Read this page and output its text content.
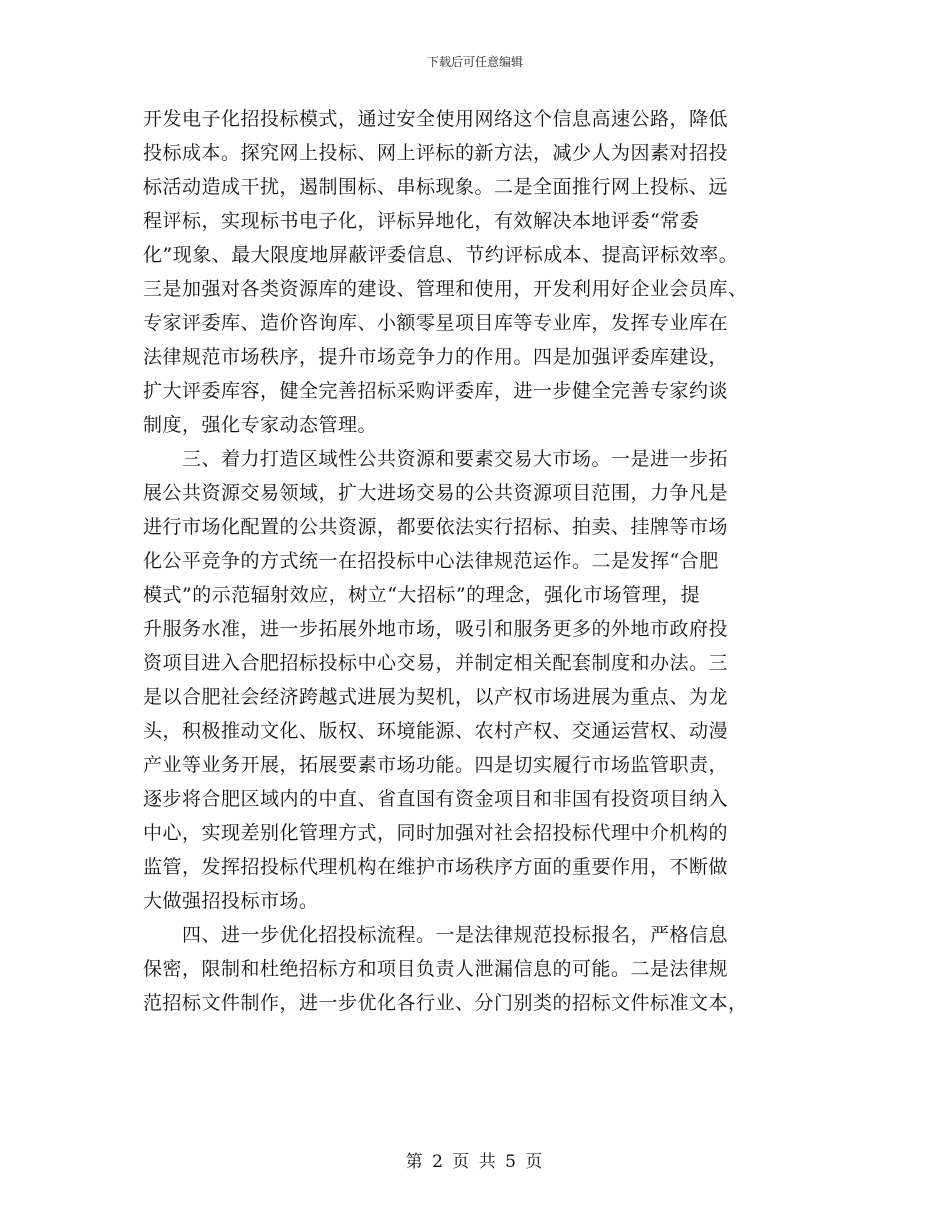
下载后可任意编辑
开发电子化招投标模式，通过安全使用网络这个信息高速公路，降低
投标成本。探究网上投标、网上评标的新方法，减少人为因素对招投
标活动造成干扰，遏制围标、串标现象。二是全面推行网上投标、远
程评标，实现标书电子化，评标异地化，有效解决本地评委“常委
化”现象、最大限度地屏蔽评委信息、节约评标成本、提高评标效率。
三是加强对各类资源库的建设、管理和使用，开发利用好企业会员库、
专家评委库、造价咨询库、小额零星项目库等专业库，发挥专业库在
法律规范市场秩序，提升市场竞争力的作用。四是加强评委库建设，
扩大评委库容，健全完善招标采购评委库，进一步健全完善专家约谈
制度，强化专家动态管理。
　　三、着力打造区域性公共资源和要素交易大市场。一是进一步拓
展公共资源交易领域，扩大进场交易的公共资源项目范围，力争凡是
进行市场化配置的公共资源，都要依法实行招标、拍卖、挂牌等市场
化公平竞争的方式统一在招投标中心法律规范运作。二是发挥“合肥
模式”的示范辐射效应，树立“大招标”的理念，强化市场管理，提
升服务水准，进一步拓展外地市场，吸引和服务更多的外地市政府投
资项目进入合肥招标投标中心交易，并制定相关配套制度和办法。三
是以合肥社会经济跨越式进展为契机，以产权市场进展为重点、为龙
头，积极推动文化、版权、环境能源、农村产权、交通运营权、动漫
产业等业务开展，拓展要素市场功能。四是切实履行市场监管职责，
逐步将合肥区域内的中直、省直国有资金项目和非国有投资项目纳入
中心，实现差别化管理方式，同时加强对社会招投标代理中介机构的
监管，发挥招投标代理机构在维护市场秩序方面的重要作用，不断做
大做强招投标市场。
　　四、进一步优化招投标流程。一是法律规范投标报名，严格信息
保密，限制和杜绝招标方和项目负责人泄漏信息的可能。二是法律规
范招标文件制作，进一步优化各行业、分门别类的招标文件标准文本，
第 2 页 共 5 页
